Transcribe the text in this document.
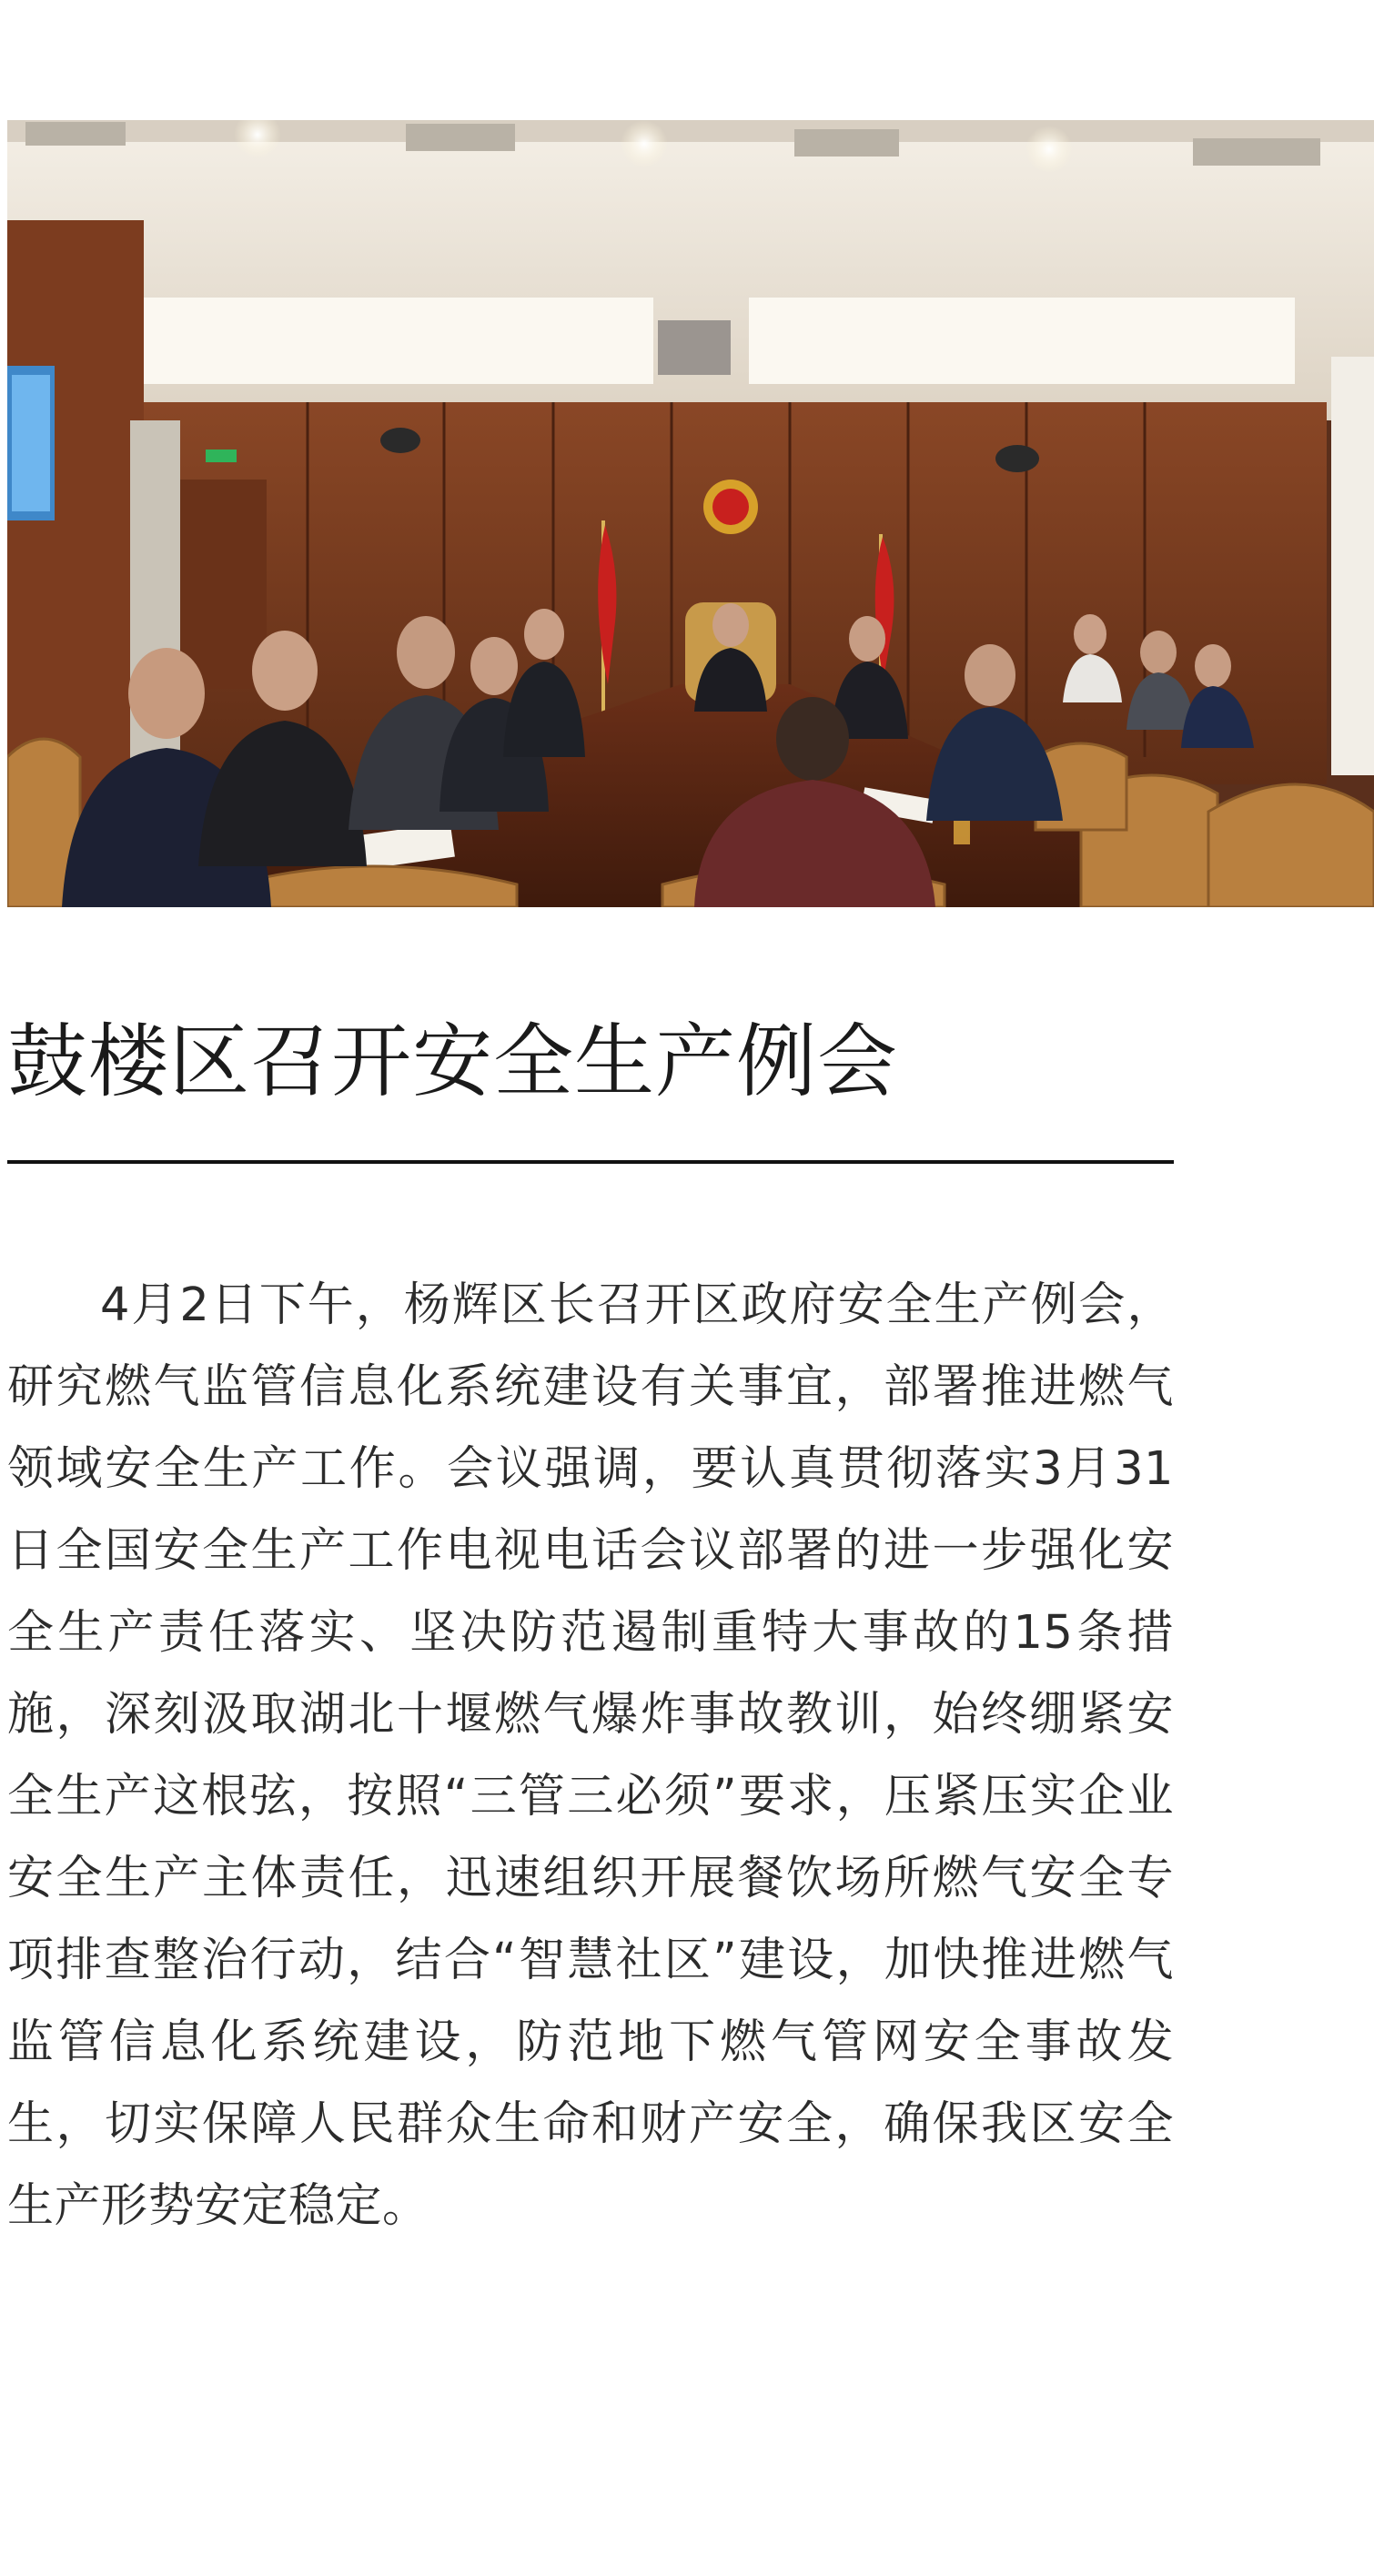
鼓楼区召开安全生产例会

4月2日下午，杨辉区长召开区政府安全生产例会，研究燃气监管信息化系统建设有关事宜，部署推进燃气领域安全生产工作。会议强调，要认真贯彻落实3月31日全国安全生产工作电视电话会议部署的进一步强化安全生产责任落实、坚决防范遏制重特大事故的15条措施，深刻汲取湖北十堰燃气爆炸事故教训，始终绷紧安全生产这根弦，按照“三管三必须”要求，压紧压实企业安全生产主体责任，迅速组织开展餐饮场所燃气安全专项排查整治行动，结合“智慧社区”建设，加快推进燃气监管信息化系统建设，防范地下燃气管网安全事故发生，切实保障人民群众生命和财产安全，确保我区安全生产形势安定稳定。
